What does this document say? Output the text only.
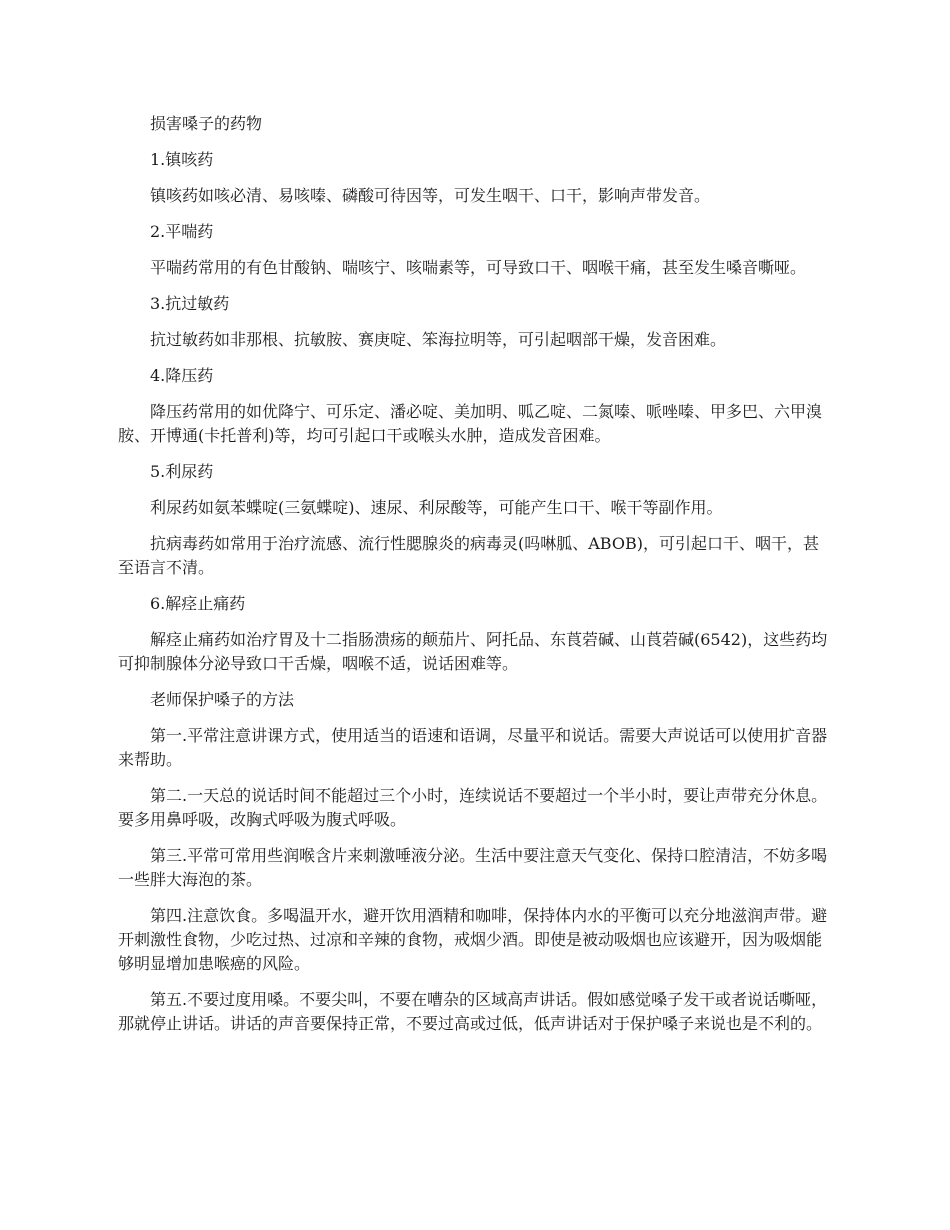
损害嗓子的药物

1.镇咳药

镇咳药如咳必清、易咳嗪、磷酸可待因等，可发生咽干、口干，影响声带发音。

2.平喘药

平喘药常用的有色甘酸钠、喘咳宁、咳喘素等，可导致口干、咽喉干痛，甚至发生嗓音嘶哑。

3.抗过敏药

抗过敏药如非那根、抗敏胺、赛庚啶、笨海拉明等，可引起咽部干燥，发音困难。

4.降压药

降压药常用的如优降宁、可乐定、潘必啶、美加明、呱乙啶、二氮嗪、哌唑嗪、甲多巴、六甲溴胺、开博通(卡托普利)等，均可引起口干或喉头水肿，造成发音困难。

5.利尿药

利尿药如氨苯蝶啶(三氨蝶啶)、速尿、利尿酸等，可能产生口干、喉干等副作用。

抗病毒药如常用于治疗流感、流行性腮腺炎的病毒灵(吗啉胍、ABOB)，可引起口干、咽干，甚至语言不清。

6.解痉止痛药

解痉止痛药如治疗胃及十二指肠溃疡的颠茄片、阿托品、东莨菪碱、山莨菪碱(6542)，这些药均可抑制腺体分泌导致口干舌燥，咽喉不适，说话困难等。

老师保护嗓子的方法

第一.平常注意讲课方式，使用适当的语速和语调，尽量平和说话。需要大声说话可以使用扩音器来帮助。

第二.一天总的说话时间不能超过三个小时，连续说话不要超过一个半小时，要让声带充分休息。要多用鼻呼吸，改胸式呼吸为腹式呼吸。

第三.平常可常用些润喉含片来刺激唾液分泌。生活中要注意天气变化、保持口腔清洁，不妨多喝一些胖大海泡的茶。

第四.注意饮食。多喝温开水，避开饮用酒精和咖啡，保持体内水的平衡可以充分地滋润声带。避开刺激性食物，少吃过热、过凉和辛辣的食物，戒烟少酒。即使是被动吸烟也应该避开，因为吸烟能够明显增加患喉癌的风险。

第五.不要过度用嗓。不要尖叫，不要在嘈杂的区域高声讲话。假如感觉嗓子发干或者说话嘶哑，那就停止讲话。讲话的声音要保持正常，不要过高或过低，低声讲话对于保护嗓子来说也是不利的。
